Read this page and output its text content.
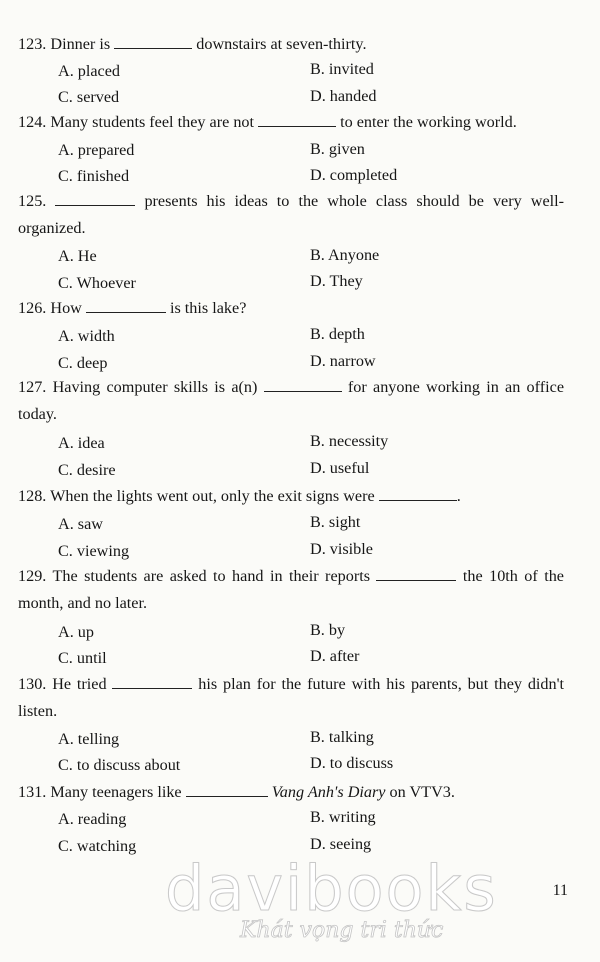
123. Dinner is	downstairs at seven-thirty.
A. placed	B. invited
C. served	D. handed
124. Many students feel they are not	to enter the working world.
A. prepared	B. given
C. finished	D. completed
125.	presents his ideas to the whole class should be very well-organized.
A. He	B. Anyone
C. Whoever	D. They
126. How	is this lake?
A. width	B. depth
C. deep	D. narrow
127. Having computer skills is a(n)	for anyone working in an office today.
A. idea	B. necessity
C. desire	D. useful
128. When the lights went out, only the exit signs were	.
A. saw	B. sight
C. viewing	D. visible
129. The students are asked to hand in their reports	the 10th of the month, and no later.
A. up	B. by
C. until	D. after
130. He tried	his plan for the future with his parents, but they didn't listen.
A. telling	B. talking
C. to discuss about	D. to discuss
131. Many teenagers like	Vang Anh's Diary on VTV3.
A. reading	B. writing
C. watching	D. seeing
davibooks
Khát vọng tri thức
11
